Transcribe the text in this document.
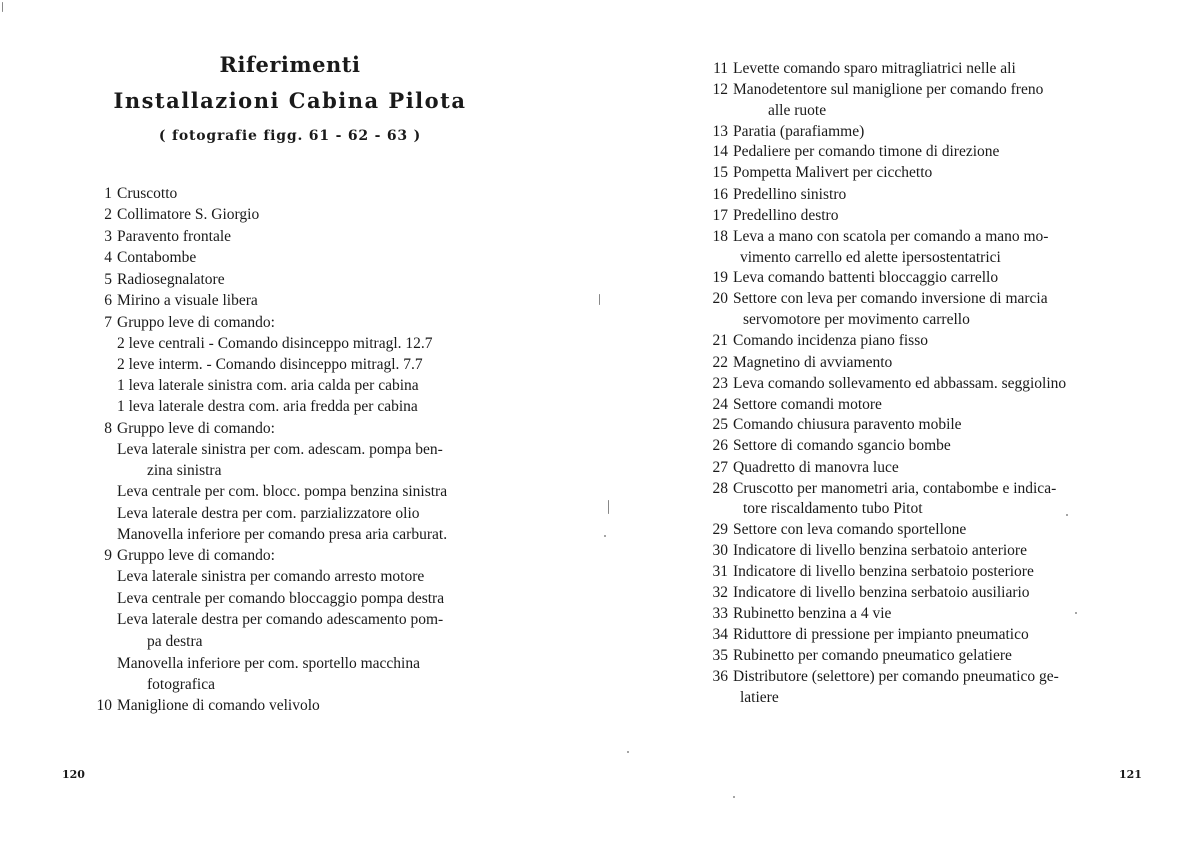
Riferimenti
Installazioni Cabina Pilota
( fotografie figg. 61 - 62 - 63 )
1 Cruscotto
2 Collimatore S. Giorgio
3 Paravento frontale
4 Contabombe
5 Radiosegnalatore
6 Mirino a visuale libera
7 Gruppo leve di comando:
2 leve centrali - Comando disinceppo mitragl. 12.7
2 leve interm. - Comando disinceppo mitragl. 7.7
1 leva laterale sinistra com. aria calda per cabina
1 leva laterale destra com. aria fredda per cabina
8 Gruppo leve di comando:
Leva laterale sinistra per com. adescam. pompa ben-
zina sinistra
Leva centrale per com. blocc. pompa benzina sinistra
Leva laterale destra per com. parzializzatore olio
Manovella inferiore per comando presa aria carburat.
9 Gruppo leve di comando:
Leva laterale sinistra per comando arresto motore
Leva centrale per comando bloccaggio pompa destra
Leva laterale destra per comando adescamento pom-
pa destra
Manovella inferiore per com. sportello macchina
fotografica
10 Maniglione di comando velivolo
120
11 Levette comando sparo mitragliatrici nelle ali
12 Manodetentore sul maniglione per comando freno
alle ruote
13 Paratia (parafiamme)
14 Pedaliere per comando timone di direzione
15 Pompetta Malivert per cicchetto
16 Predellino sinistro
17 Predellino destro
18 Leva a mano con scatola per comando a mano mo-
vimento carrello ed alette ipersostentatrici
19 Leva comando battenti bloccaggio carrello
20 Settore con leva per comando inversione di marcia
servomotore per movimento carrello
21 Comando incidenza piano fisso
22 Magnetino di avviamento
23 Leva comando sollevamento ed abbassam. seggiolino
24 Settore comandi motore
25 Comando chiusura paravento mobile
26 Settore di comando sgancio bombe
27 Quadretto di manovra luce
28 Cruscotto per manometri aria, contabombe e indica-
tore riscaldamento tubo Pitot
29 Settore con leva comando sportellone
30 Indicatore di livello benzina serbatoio anteriore
31 Indicatore di livello benzina serbatoio posteriore
32 Indicatore di livello benzina serbatoio ausiliario
33 Rubinetto benzina a 4 vie
34 Riduttore di pressione per impianto pneumatico
35 Rubinetto per comando pneumatico gelatiere
36 Distributore (selettore) per comando pneumatico ge-
latiere
121
